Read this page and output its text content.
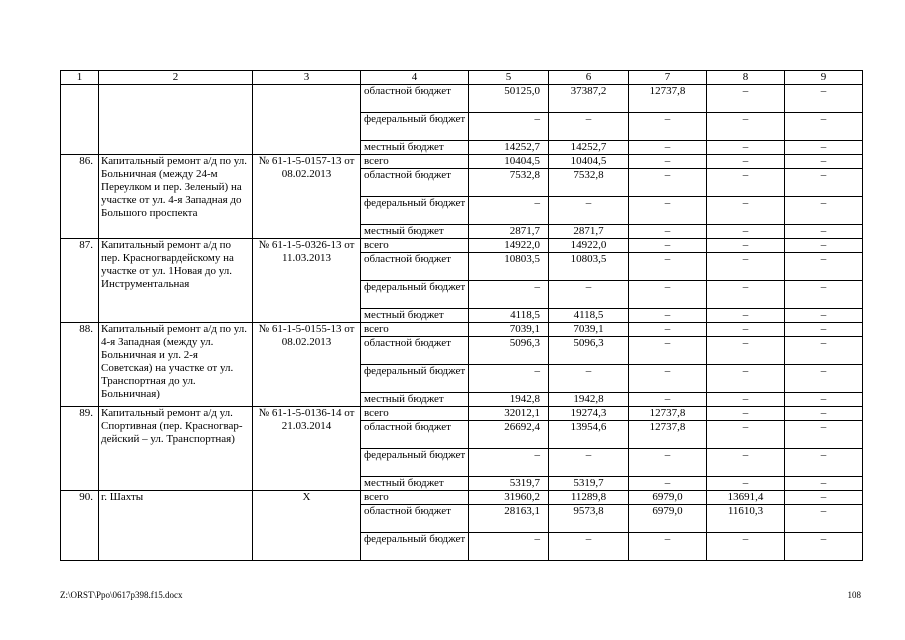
1	2	3	4	5	6	7	8	9
			областной бюджет	50125,0	37387,2	12737,8	–	–
			федеральный бюджет	–	–	–	–	–
			местный бюджет	14252,7	14252,7	–	–	–
86.	Капитальный ремонт а/д по ул. Больничная (между 24-м Переулком и пер. Зеленый) на участке от ул. 4-я Западная до Большого проспекта	№ 61-1-5-0157-13 от 08.02.2013	всего	10404,5	10404,5	–	–	–
			областной бюджет	7532,8	7532,8	–	–	–
			федеральный бюджет	–	–	–	–	–
			местный бюджет	2871,7	2871,7	–	–	–
87.	Капитальный ремонт а/д по пер. Красногвардейскому на участке от ул. 1Новая до ул. Инструментальная	№ 61-1-5-0326-13 от 11.03.2013	всего	14922,0	14922,0	–	–	–
			областной бюджет	10803,5	10803,5	–	–	–
			федеральный бюджет	–	–	–	–	–
			местный бюджет	4118,5	4118,5	–	–	–
88.	Капитальный ремонт а/д по ул. 4-я Западная (между ул. Больничная и ул. 2-я Советская) на участке от ул. Транспортная до ул. Больничная)	№ 61-1-5-0155-13 от 08.02.2013	всего	7039,1	7039,1	–	–	–
			областной бюджет	5096,3	5096,3	–	–	–
			федеральный бюджет	–	–	–	–	–
			местный бюджет	1942,8	1942,8	–	–	–
89.	Капитальный ремонт а/д ул. Спортивная (пер. Красногвар- дейский – ул. Транспортная)	№ 61-1-5-0136-14 от 21.03.2014	всего	32012,1	19274,3	12737,8	–	–
			областной бюджет	26692,4	13954,6	12737,8	–	–
			федеральный бюджет	–	–	–	–	–
			местный бюджет	5319,7	5319,7	–	–	–
90.	г. Шахты	Х	всего	31960,2	11289,8	6979,0	13691,4	–
			областной бюджет	28163,1	9573,8	6979,0	11610,3	–
			федеральный бюджет	–	–	–	–	–
Z:\ORST\Ppo\0617p398.f15.docx	108
